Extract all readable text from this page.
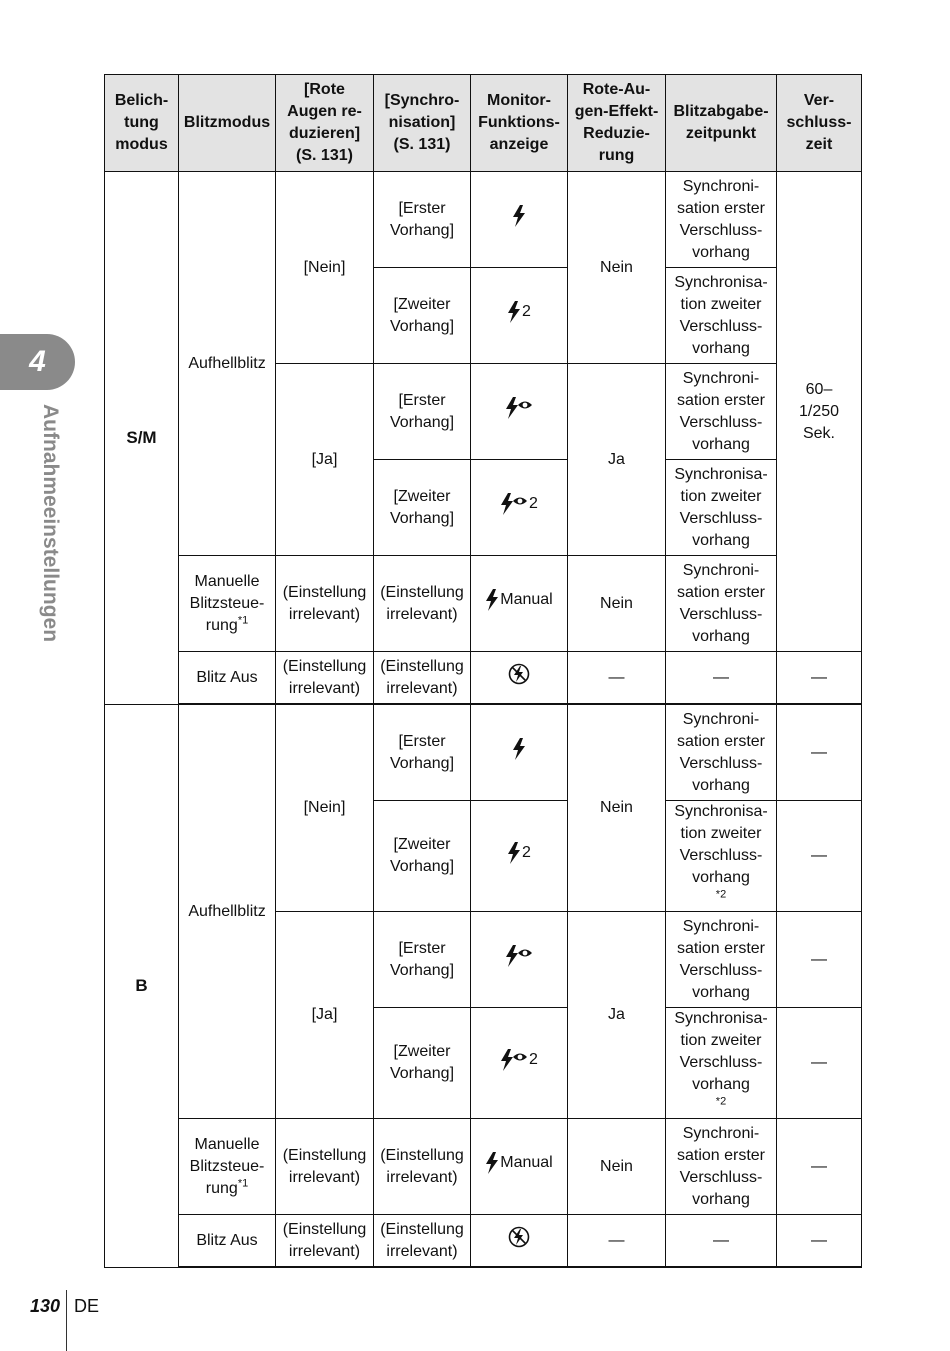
Belich-
tung
modus	Blitzmodus	[Rote
Augen re-
duzieren]
(S. 131)	[Synchro-
nisation]
(S. 131)	Monitor-
Funktions-
anzeige	Rote-Au-
gen-Effekt-
Reduzie-
rung	Blitzabgabe-
zeitpunkt	Ver-
schluss-
zeit

S/M	Aufhellblitz	[Nein]	[Erster
Vorhang]		Nein	Synchroni-
sation erster
Verschluss-
vorhang	60–
1/250
Sek.

			[Zweiter
Vorhang]	2		Synchronisa-
tion zweiter
Verschluss-
vorhang	

		[Ja]	[Erster
Vorhang]		Ja	Synchroni-
sation erster
Verschluss-
vorhang	

			[Zweiter
Vorhang]	2		Synchronisa-
tion zweiter
Verschluss-
vorhang	

	Manuelle
Blitzsteue-
rung$^{*1}$	(Einstellung
irrelevant)	(Einstellung
irrelevant)	Manual	Nein	Synchroni-
sation erster
Verschluss-
vorhang	

	Blitz Aus	(Einstellung
irrelevant)	(Einstellung
irrelevant)		—	—	—
B	Aufhellblitz	[Nein]	[Erster
Vorhang]		Nein	Synchroni-
sation erster
Verschluss-
vorhang	—

			[Zweiter
Vorhang]	2		Synchronisa-
tion zweiter
Verschluss-
vorhang
$^{*2}$	—

		[Ja]	[Erster
Vorhang]		Ja	Synchroni-
sation erster
Verschluss-
vorhang	—

			[Zweiter
Vorhang]	2		Synchronisa-
tion zweiter
Verschluss-
vorhang
$^{*2}$	—
	Manuelle
Blitzsteue-
rung$^{*1}$	(Einstellung
irrelevant)	(Einstellung
irrelevant)	Manual	Nein	Synchroni-
sation erster
Verschluss-
vorhang	—

	Blitz Aus	(Einstellung
irrelevant)	(Einstellung
irrelevant)		—	—	—
4
Aufnahmeeinstellungen
130 DE
